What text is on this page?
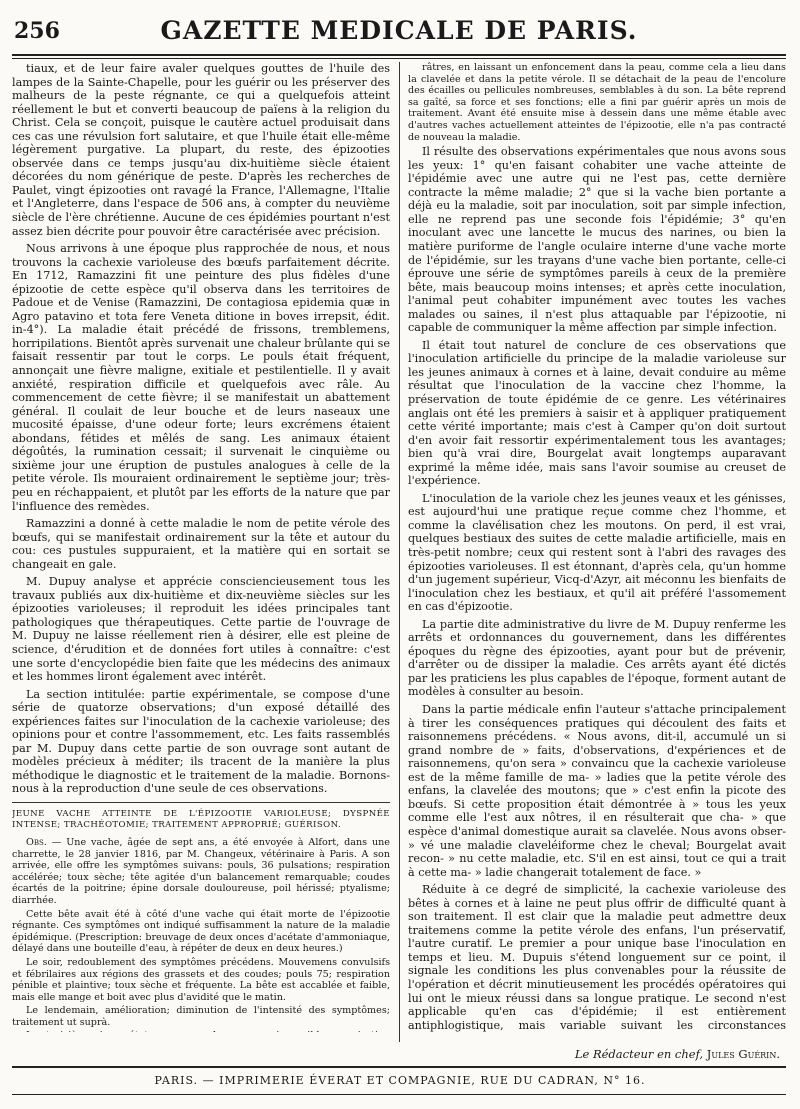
256	GAZETTE MEDICALE DE PARIS.

tiaux, et de leur faire avaler quelques gouttes de l'huile des lampes de la Sainte-Chapelle, pour les guérir ou les préserver des malheurs de la peste régnante, ce qui a quelquefois atteint réellement le but et converti beaucoup de païens à la religion du Christ. Cela se conçoit, puisque le cautère actuel produisait dans ces cas une révulsion fort salutaire, et que l'huile était elle-même légèrement purgative. La plupart, du reste, des épizooties observée dans ce temps jusqu'au dix-huitième siècle étaient décorées du nom générique de peste. D'après les recherches de Paulet, vingt épizooties ont ravagé la France, l'Allemagne, l'Italie et l'Angleterre, dans l'espace de 506 ans, à compter du neuvième siècle de l'ère chrétienne. Aucune de ces épidémies pourtant n'est assez bien décrite pour pouvoir être caractérisée avec précision.

Nous arrivons à une époque plus rapprochée de nous, et nous trouvons la cachexie varioleuse des bœufs parfaitement décrite. En 1712, Ramazzini fit une peinture des plus fidèles d'une épizootie de cette espèce qu'il observa dans les territoires de Padoue et de Venise (Ramazzini, De contagiosa epidemia quæ in Agro patavino et tota fere Veneta ditione in boves irrepsit, édit. in-4°). La maladie était précédé de frissons, tremblemens, horripilations. Bientôt après survenait une chaleur brûlante qui se faisait ressentir par tout le corps. Le pouls était fréquent, annonçait une fièvre maligne, exitiale et pestilentielle. Il y avait anxiété, respiration difficile et quelquefois avec râle. Au commencement de cette fièvre; il se manifestait un abattement général. Il coulait de leur bouche et de leurs naseaux une mucosité épaisse, d'une odeur forte; leurs excrémens étaient abondans, fétides et mêlés de sang. Les animaux étaient dégoûtés, la rumination cessait; il survenait le cinquième ou sixième jour une éruption de pustules analogues à celle de la petite vérole. Ils mouraient ordinairement le septième jour; très-peu en réchappaient, et plutôt par les efforts de la nature que par l'influence des remèdes.

Ramazzini a donné à cette maladie le nom de petite vérole des bœufs, qui se manifestait ordinairement sur la tête et autour du cou: ces pustules suppuraient, et la matière qui en sortait se changeait en gale.

M. Dupuy analyse et apprécie consciencieusement tous les travaux publiés aux dix-huitième et dix-neuvième siècles sur les épizooties varioleuses; il reproduit les idées principales tant pathologiques que thérapeutiques. Cette partie de l'ouvrage de M. Dupuy ne laisse réellement rien à désirer, elle est pleine de science, d'érudition et de données fort utiles à connaître: c'est une sorte d'encyclopédie bien faite que les médecins des animaux et les hommes liront également avec intérêt.

La section intitulée: partie expérimentale, se compose d'une série de quatorze observations; d'un exposé détaillé des expériences faites sur l'inoculation de la cachexie varioleuse; des opinions pour et contre l'assommement, etc. Les faits rassemblés par M. Dupuy dans cette partie de son ouvrage sont autant de modèles précieux à méditer; ils tracent de la manière la plus méthodique le diagnostic et le traitement de la maladie. Bornons-nous à la reproduction d'une seule de ces observations.

JEUNE VACHE ATTEINTE DE L'ÉPIZOOTIE VARIOLEUSE; DYSPNÉE INTENSE; TRACHÉOTOMIE; TRAITEMENT APPROPRIÉ; GUÉRISON.

Obs. — Une vache, âgée de sept ans, a été envoyée à Alfort, dans une charrette, le 28 janvier 1816, par M. Changeux, vétérinaire à Paris. A son arrivée, elle offre les symptômes suivans: pouls, 36 pulsations; respiration accélérée; toux sèche; tête agitée d'un balancement remarquable; coudes écartés de la poitrine; épine dorsale douloureuse, poil hérissé; ptyalisme; diarrhée.

Cette bête avait été à côté d'une vache qui était morte de l'épizootie régnante. Ces symptômes ont indiqué suffisamment la nature de la maladie épidémique. (Prescription: breuvage de deux onces d'acétate d'ammoniaque, délayé dans une bouteille d'eau, à répéter de deux en deux heures.)

Le soir, redoublement des symptômes précédens. Mouvemens convulsifs et fébrilaires aux régions des grassets et des coudes; pouls 75; respiration pénible et plaintive; toux sèche et fréquente. La bête est accablée et faible, mais elle mange et boit avec plus d'avidité que le matin.

Le lendemain, amélioration; diminution de l'intensité des symptômes; traitement ut suprà.

râtres, en laissant un enfoncement dans la peau, comme cela a lieu dans la clavelée et dans la petite vérole. Il se détachait de la peau de l'encolure des écailles ou pellicules nombreuses, semblables à du son. La bête reprend sa gaîté, sa force et ses fonctions; elle a fini par guérir après un mois de traitement. Avant été ensuite mise à dessein dans une même étable avec d'autres vaches actuellement atteintes de l'épizootie, elle n'a pas contracté de nouveau la maladie.

Il résulte des observations expérimentales que nous avons sous les yeux: 1° qu'en faisant cohabiter une vache atteinte de l'épidémie avec une autre qui ne l'est pas, cette dernière contracte la même maladie; 2° que si la vache bien portante a déjà eu la maladie, soit par inoculation, soit par simple infection, elle ne reprend pas une seconde fois l'épidémie; 3° qu'en inoculant avec une lancette le mucus des narines, ou bien la matière puriforme de l'angle oculaire interne d'une vache morte de l'épidémie, sur les trayans d'une vache bien portante, celle-ci éprouve une série de symptômes pareils à ceux de la première bête, mais beaucoup moins intenses; et après cette inoculation, l'animal peut cohabiter impunément avec toutes les vaches malades ou saines, il n'est plus attaquable par l'épizootie, ni capable de communiquer la même affection par simple infection.

Il était tout naturel de conclure de ces observations que l'inoculation artificielle du principe de la maladie varioleuse sur les jeunes animaux à cornes et à laine, devait conduire au même résultat que l'inoculation de la vaccine chez l'homme, la préservation de toute épidémie de ce genre. Les vétérinaires anglais ont été les premiers à saisir et à appliquer pratiquement cette vérité importante; mais c'est à Camper qu'on doit surtout d'en avoir fait ressortir expérimentalement tous les avantages; bien qu'à vrai dire, Bourgelat avait longtemps auparavant exprimé la même idée, mais sans l'avoir soumise au creuset de l'expérience.

L'inoculation de la variole chez les jeunes veaux et les génisses, est aujourd'hui une pratique reçue comme chez l'homme, et comme la clavélisation chez les moutons. On perd, il est vrai, quelques bestiaux des suites de cette maladie artificielle, mais en très-petit nombre; ceux qui restent sont à l'abri des ravages des épizooties varioleuses. Il est étonnant, d'après cela, qu'un homme d'un jugement supérieur, Vicq-d'Azyr, ait méconnu les bienfaits de l'inoculation chez les bestiaux, et qu'il ait préféré l'assomement en cas d'épizootie.

La partie dite administrative du livre de M. Dupuy renferme les arrêts et ordonnances du gouvernement, dans les différentes époques du règne des épizooties, ayant pour but de prévenir, d'arrêter ou de dissiper la maladie. Ces arrêts ayant été dictés par les praticiens les plus capables de l'époque, forment autant de modèles à consulter au besoin.

Dans la partie médicale enfin l'auteur s'attache principalement à tirer les conséquences pratiques qui découlent des faits et raisonnemens précédens. « Nous avons, dit-il, accumulé un si grand nombre de » faits, d'observations, d'expériences et de raisonnemens, qu'on sera » convaincu que la cachexie varioleuse est de la même famille de ma- » ladies que la petite vérole des enfans, la clavelée des moutons; que » c'est enfin la picote des bœufs. Si cette proposition était démontrée à » tous les yeux comme elle l'est aux nôtres, il en résulterait que cha- » que espèce d'animal domestique aurait sa clavelée. Nous avons obser- » vé une maladie claveléiforme chez le cheval; Bourgelat avait recon- » nu cette maladie, etc. S'il en est ainsi, tout ce qui a trait à cette ma- » ladie changerait totalement de face. »

Réduite à ce degré de simplicité, la cachexie varioleuse des bêtes à cornes et à laine ne peut plus offrir de difficulté quant à son traitement. Il est clair que la maladie peut admettre deux traitemens comme la petite vérole des enfans, l'un préservatif, l'autre curatif. Le premier a pour unique base l'inoculation en temps et lieu. M. Dupuis s'étend longuement sur ce point, il signale les conditions les plus convenables pour la réussite de l'opération et décrit minutieusement les procédés opératoires qui lui ont le mieux réussi dans sa longue pratique. Le second n'est applicable qu'en cas d'épidémie; il est entièrement antiphlogistique, mais variable suivant les circonstances

Le Rédacteur en chef, Jules Guérin.
PARIS. — IMPRIMERIE ÉVERAT ET COMPAGNIE, RUE DU CADRAN, N° 16.
